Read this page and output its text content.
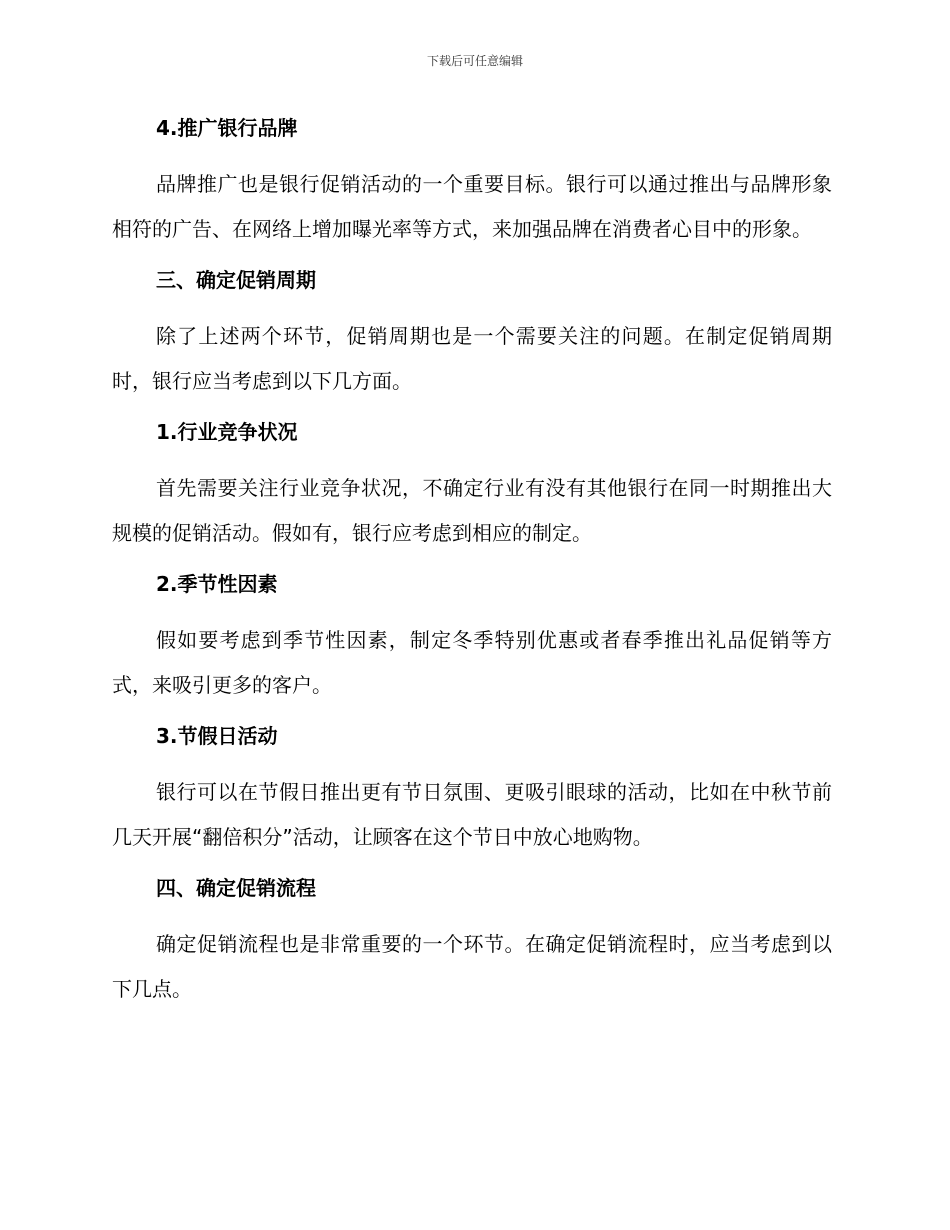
下载后可任意编辑
4.推广银行品牌

品牌推广也是银行促销活动的一个重要目标。银行可以通过推出与品牌形象相符的广告、在网络上增加曝光率等方式，来加强品牌在消费者心目中的形象。

三、确定促销周期

除了上述两个环节，促销周期也是一个需要关注的问题。在制定促销周期时，银行应当考虑到以下几方面。

1.行业竞争状况

首先需要关注行业竞争状况，不确定行业有没有其他银行在同一时期推出大规模的促销活动。假如有，银行应考虑到相应的制定。

2.季节性因素

假如要考虑到季节性因素，制定冬季特别优惠或者春季推出礼品促销等方式，来吸引更多的客户。

3.节假日活动

银行可以在节假日推出更有节日氛围、更吸引眼球的活动，比如在中秋节前几天开展“翻倍积分”活动，让顾客在这个节日中放心地购物。

四、确定促销流程

确定促销流程也是非常重要的一个环节。在确定促销流程时，应当考虑到以下几点。
